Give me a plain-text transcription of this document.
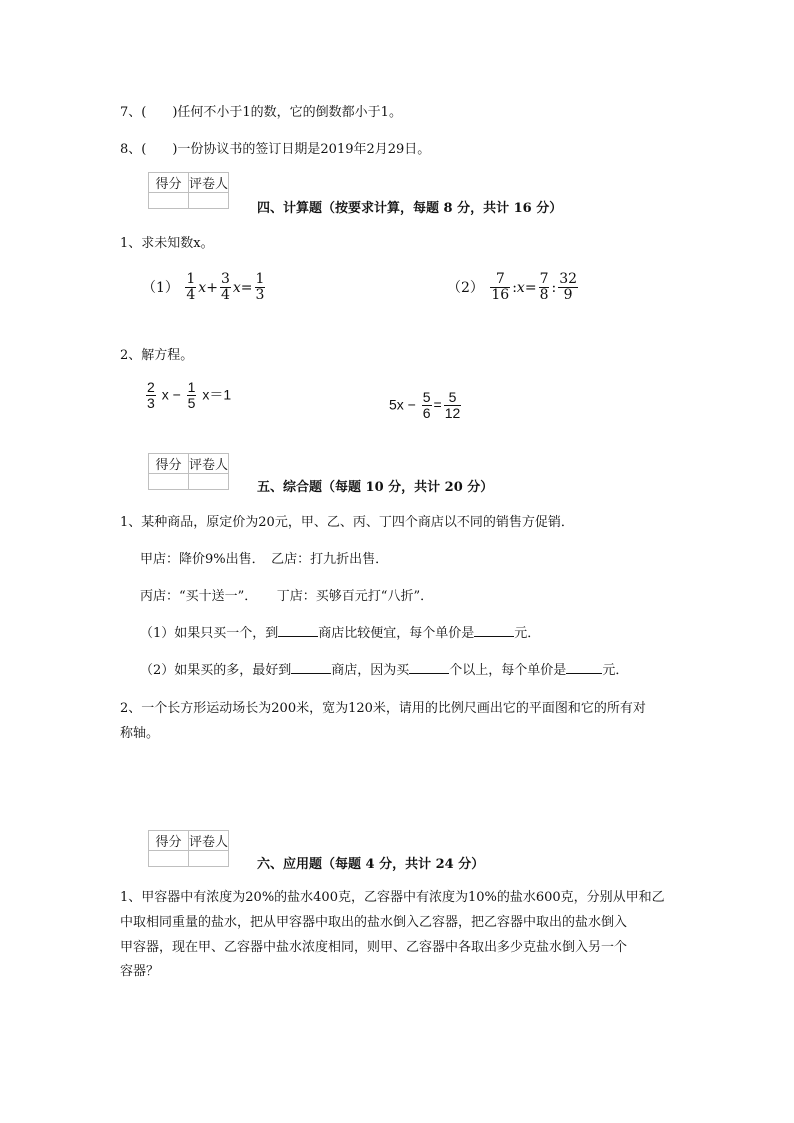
7、(　　)任何不小于1的数，它的倒数都小于1。
8、(　　)一份协议书的签订日期是2019年2月29日。
得分	评卷人

四、计算题（按要求计算，每题 8 分，共计 16 分）
1、求未知数x。
$(1) \frac{1}{4} x+ \frac{3}{4} x= \frac{1}{3}$	$(2) \frac{7}{16}$ :x= $\frac{7}{8}$ : $\frac{32}{9}$
2、解方程。
$\frac{2}{3}$ $x - \frac{1}{5} x=1$
$5x - \frac{5}{6} = \frac{5}{12}$
得分	评卷人

五、综合题（每题 10 分，共计 20 分）
1、某种商品，原定价为20元，甲、乙、丙、丁四个商店以不同的销售方促销．
甲店：降价9%出售．　乙店：打九折出售．
丙店：“买十送一”．　　丁店：买够百元打“八折”．
（1）如果只买一个，到	商店比较便宜，每个单价是	元．
（2）如果买的多，最好到	商店，因为买	个以上，每个单价是	元．
2、一个长方形运动场长为200米，宽为120米，请用的比例尺画出它的平面图和它的所有对
称轴。
得分	评卷人

六、应用题（每题 4 分，共计 24 分）
1、甲容器中有浓度为20%的盐水400克，乙容器中有浓度为10%的盐水600克，分别从甲和乙
中取相同重量的盐水，把从甲容器中取出的盐水倒入乙容器，把乙容器中取出的盐水倒入
甲容器，现在甲、乙容器中盐水浓度相同，则甲、乙容器中各取出多少克盐水倒入另一个
容器？
